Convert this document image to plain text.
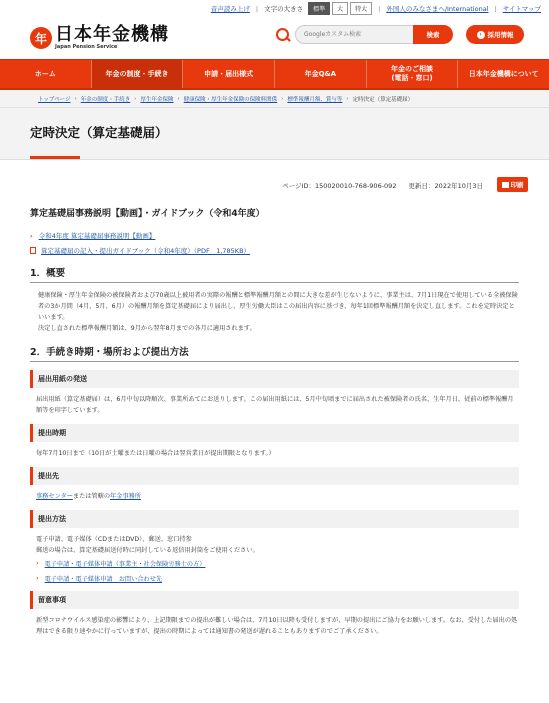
音声読み上げ | 文字の大きさ	標準	大	特大	| 外国人のみなさまへ/International | サイトマップ
年 日本年金機構
Japan Pension Service
Googleカスタム検索
検索	› 採用情報
ホーム	年金の制度・手続き	申請・届出様式	年金Q&A
年金のご相談
(電話・窓口)
日本年金機構について
トップページ › 年金の制度・手続き › 厚生年金保険 › 健康保険・厚生年金保険の保険料関係 › 標準報酬月額、賞与等 › 定時決定（算定基礎届）
定時決定（算定基礎届）
ページID：150020010-768-906-092 更新日：2022年10月3日	印刷
算定基礎届事務説明【動画】・ガイドブック（令和4年度）
› 令和4年度 算定基礎届事務説明【動画】
算定基礎届の記入・提出ガイドブック（令和4年度）（PDF　1,785KB）
1．概要
健康保険・厚生年金保険の被保険者および70歳以上被用者の実際の報酬と標準報酬月額との間に大きな差が生じないように、事業主は、7月1日現在で使用している全被保険者の3か月間（4月、5月、6月）の報酬月額を算定基礎届により届出し、厚生労働大臣はこの届出内容に基づき、毎年1回標準報酬月額を決定し直します。これを定時決定といいます。
決定し直された標準報酬月額は、9月から翌年8月までの各月に適用されます。
2．手続き時期・場所および提出方法
届出用紙の発送
届出用紙（算定基礎届）は、6月中旬以降順次、事業所あてにお送りします。この届出用紙には、5月中旬頃までに届出された被保険者の氏名、生年月日、従前の標準報酬月額等を印字しています。
提出時期
毎年7月10日まで（10日が土曜または日曜の場合は翌営業日が提出期限となります。）
提出先
事務センターまたは管轄の年金事務所
提出方法
電子申請、電子媒体（CDまたはDVD）、郵送、窓口持参
郵送の場合は、算定基礎届送付時に同封している返信用封筒をご使用ください。
› 電子申請・電子媒体申請（事業主・社会保険労務士の方）
› 電子申請・電子媒体申請　お問い合わせ先
留意事項
新型コロナウイルス感染症の影響により、上記期限までの提出が難しい場合は、7月10日以降も受付しますが、早期の提出にご協力をお願いします。なお、受付した届出の処理はできる限り速やかに行っていますが、提出の時期によっては通知書の発送が遅れることもありますのでご了承ください。
